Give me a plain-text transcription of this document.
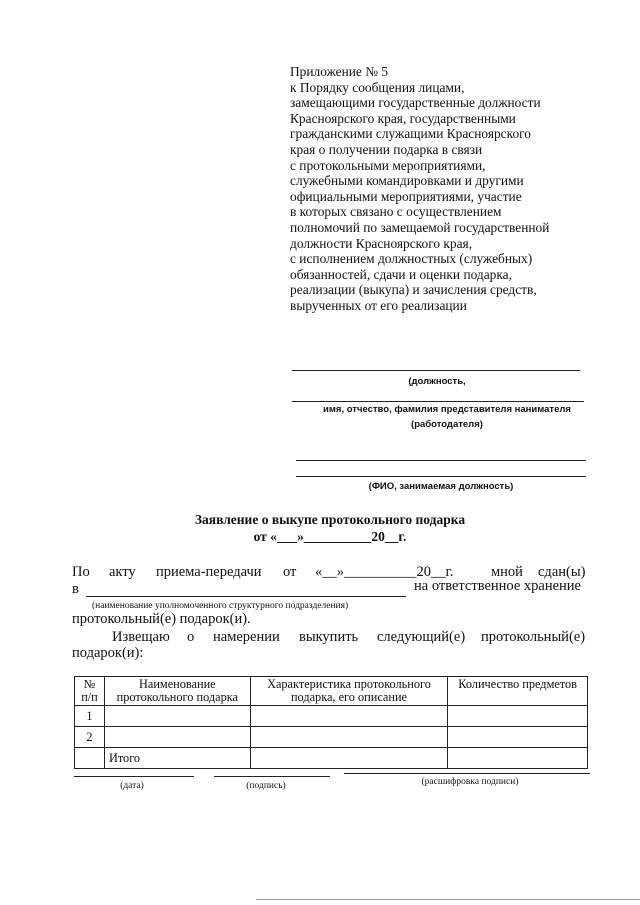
Приложение № 5
к Порядку сообщения лицами,
замещающими государственные должности
Красноярского края, государственными
гражданскими служащими Красноярского
края о получении подарка в связи
с протокольными мероприятиями,
служебными командировками и другими
официальными мероприятиями, участие
в которых связано с осуществлением
полномочий по замещаемой государственной
должности Красноярского края,
с исполнением должностных (служебных)
обязанностей, сдачи и оценки подарка,
реализации (выкупа) и зачисления средств,
вырученных от его реализации
(должность,
имя, отчество, фамилия представителя нанимателя
(работодателя)
(ФИО, занимаемая должность)
Заявление о выкупе протокольного подарка
от «___»__________20__г.
По акту приема-передачи от «__»__________20__г.	мной сдан(ы)
в	на ответственное хранение
(наименование уполномоченного структурного подразделения)
протокольный(е) подарок(и).
Извещаю о намерении выкупить следующий(е) протокольный(е)
подарок(и):
№ п/п	Наименование протокольного подарка	Характеристика протокольного подарка, его описание	Количество предметов
1			
2			
	Итого		
(дата)	(подпись)	(расшифровка подписи)
